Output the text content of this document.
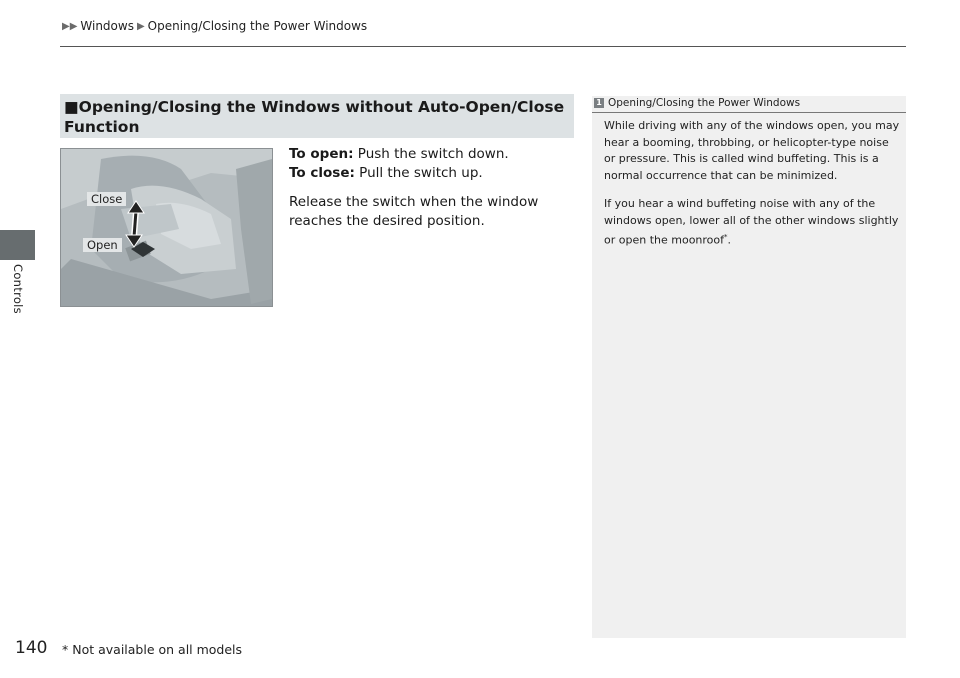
▶▶ Windows ▶ Opening/Closing the Power Windows
Controls
■Opening/Closing the Windows without Auto-Open/Close Function
Close
Open

To open: Push the switch down.

To close: Pull the switch up.

Release the switch when the window reaches the desired position.

1 Opening/Closing the Power Windows

While driving with any of the windows open, you may hear a booming, throbbing, or helicopter-type noise or pressure. This is called wind buffeting. This is a normal occurrence that can be minimized.

If you hear a wind buffeting noise with any of the windows open, lower all of the other windows slightly or open the moonroof*.

140 * Not available on all models
